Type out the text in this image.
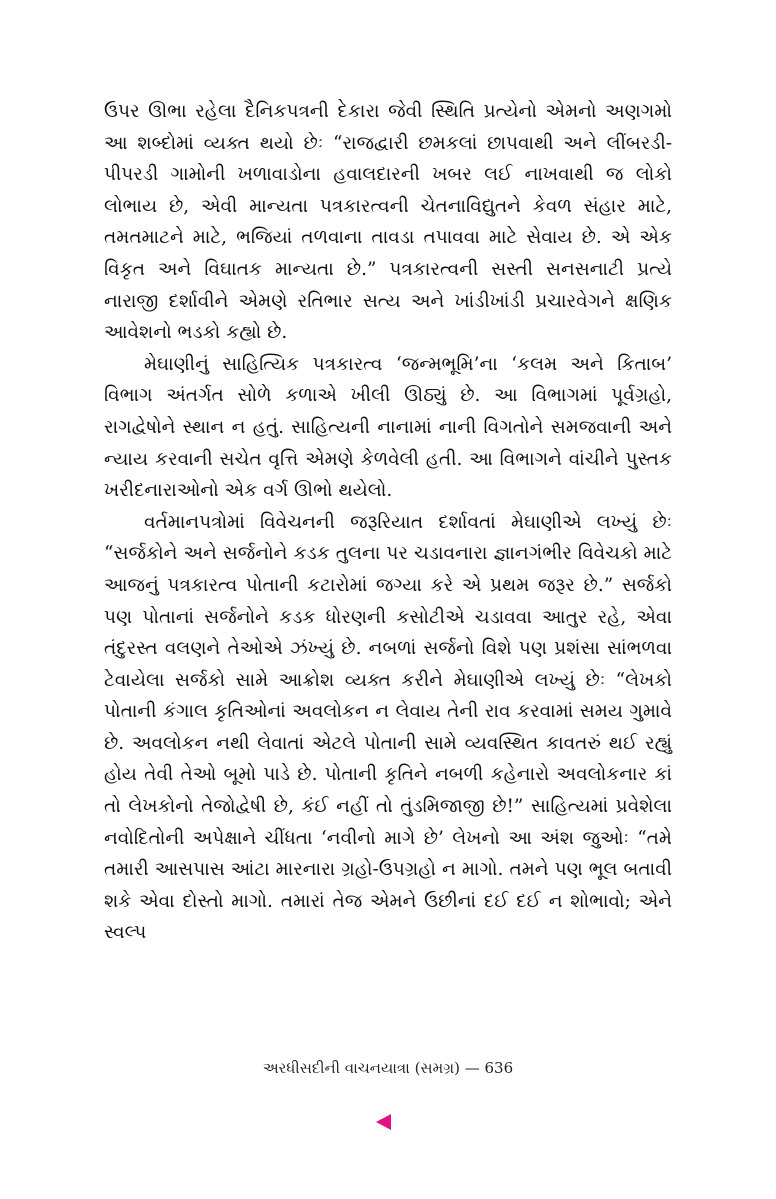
ઉપર ઊભા રહેલા દૈનિકપત્રની દેકારા જેવી સ્થિતિ પ્રત્યેનો એમનો અણગમો આ શબ્દોમાં વ્યક્ત થયો છેઃ “રાજદ્વારી છમકલાં છાપવાથી અને લીંબરડી-પીપરડી ગામોની ખળાવાડોના હવાલદારની ખબર લઈ નાખવાથી જ લોકો લોભાય છે, એવી માન્યતા પત્રકારત્વની ચેતનાવિદ્યુતને કેવળ સંહાર માટે, તમતમાટને માટે, ભજિયાં તળવાના તાવડા તપાવવા માટે સેવાય છે. એ એક વિકૃત અને વિઘાતક માન્યતા છે.” પત્રકારત્વની સસ્તી સનસનાટી પ્રત્યે નારાજી દર્શાવીને એમણે રતિભાર સત્ય અને ખાંડીખાંડી પ્રચારવેગને ક્ષણિક આવેશનો ભડકો કહ્યો છે.

મેઘાણીનું સાહિત્યિક પત્રકારત્વ ‘જન્મભૂમિ’ના ‘કલમ અને કિતાબ’ વિભાગ અંતર્ગત સોળે કળાએ ખીલી ઊઠ્યું છે. આ વિભાગમાં પૂર્વગ્રહો, રાગદ્વેષોને સ્થાન ન હતું. સાહિત્યની નાનામાં નાની વિગતોને સમજવાની અને ન્યાય કરવાની સચેત વૃત્તિ એમણે કેળવેલી હતી. આ વિભાગને વાંચીને પુસ્તક ખરીદનારાઓનો એક વર્ગ ઊભો થયેલો.

વર્તમાનપત્રોમાં વિવેચનની જરૂરિયાત દર્શાવતાં મેઘાણીએ લખ્યું છેઃ “સર્જકોને અને સર્જનોને કડક તુલના પર ચડાવનારા જ્ઞાનગંભીર વિવેચકો માટે આજનું પત્રકારત્વ પોતાની કટારોમાં જગ્યા કરે એ પ્રથમ જરૂર છે.” સર્જકો પણ પોતાનાં સર્જનોને કડક ધોરણની કસોટીએ ચડાવવા આતુર રહે, એવા તંદુરસ્ત વલણને તેઓએ ઝંખ્યું છે. નબળાં સર્જનો વિશે પણ પ્રશંસા સાંભળવા ટેવાયેલા સર્જકો સામે આક્રોશ વ્યક્ત કરીને મેઘાણીએ લખ્યું છેઃ “લેખકો પોતાની કંગાલ કૃતિઓનાં અવલોકન ન લેવાય તેની રાવ કરવામાં સમય ગુમાવે છે. અવલોકન નથી લેવાતાં એટલે પોતાની સામે વ્યવસ્થિત કાવતરું થઈ રહ્યું હોય તેવી તેઓ બૂમો પાડે છે. પોતાની કૃતિને નબળી કહેનારો અવલોકનાર કાં તો લેખકોનો તેજોદ્વેષી છે, કંઈ નહીં તો તુંડમિજાજી છે!” સાહિત્યમાં પ્રવેશેલા નવોદિતોની અપેક્ષાને ચીંધતા ‘નવીનો માગે છે’ લેખનો આ અંશ જુઓઃ “તમે તમારી આસપાસ આંટા મારનારા ગ્રહો-ઉપગ્રહો ન માગો. તમને પણ ભૂલ બતાવી શકે એવા દોસ્તો માગો. તમારાં તેજ એમને ઉછીનાં દઈ દઈ ન શોભાવો; એને સ્વલ્પ

અરધીસદીની વાચનયાત્રા (સમગ્ર) — 636
